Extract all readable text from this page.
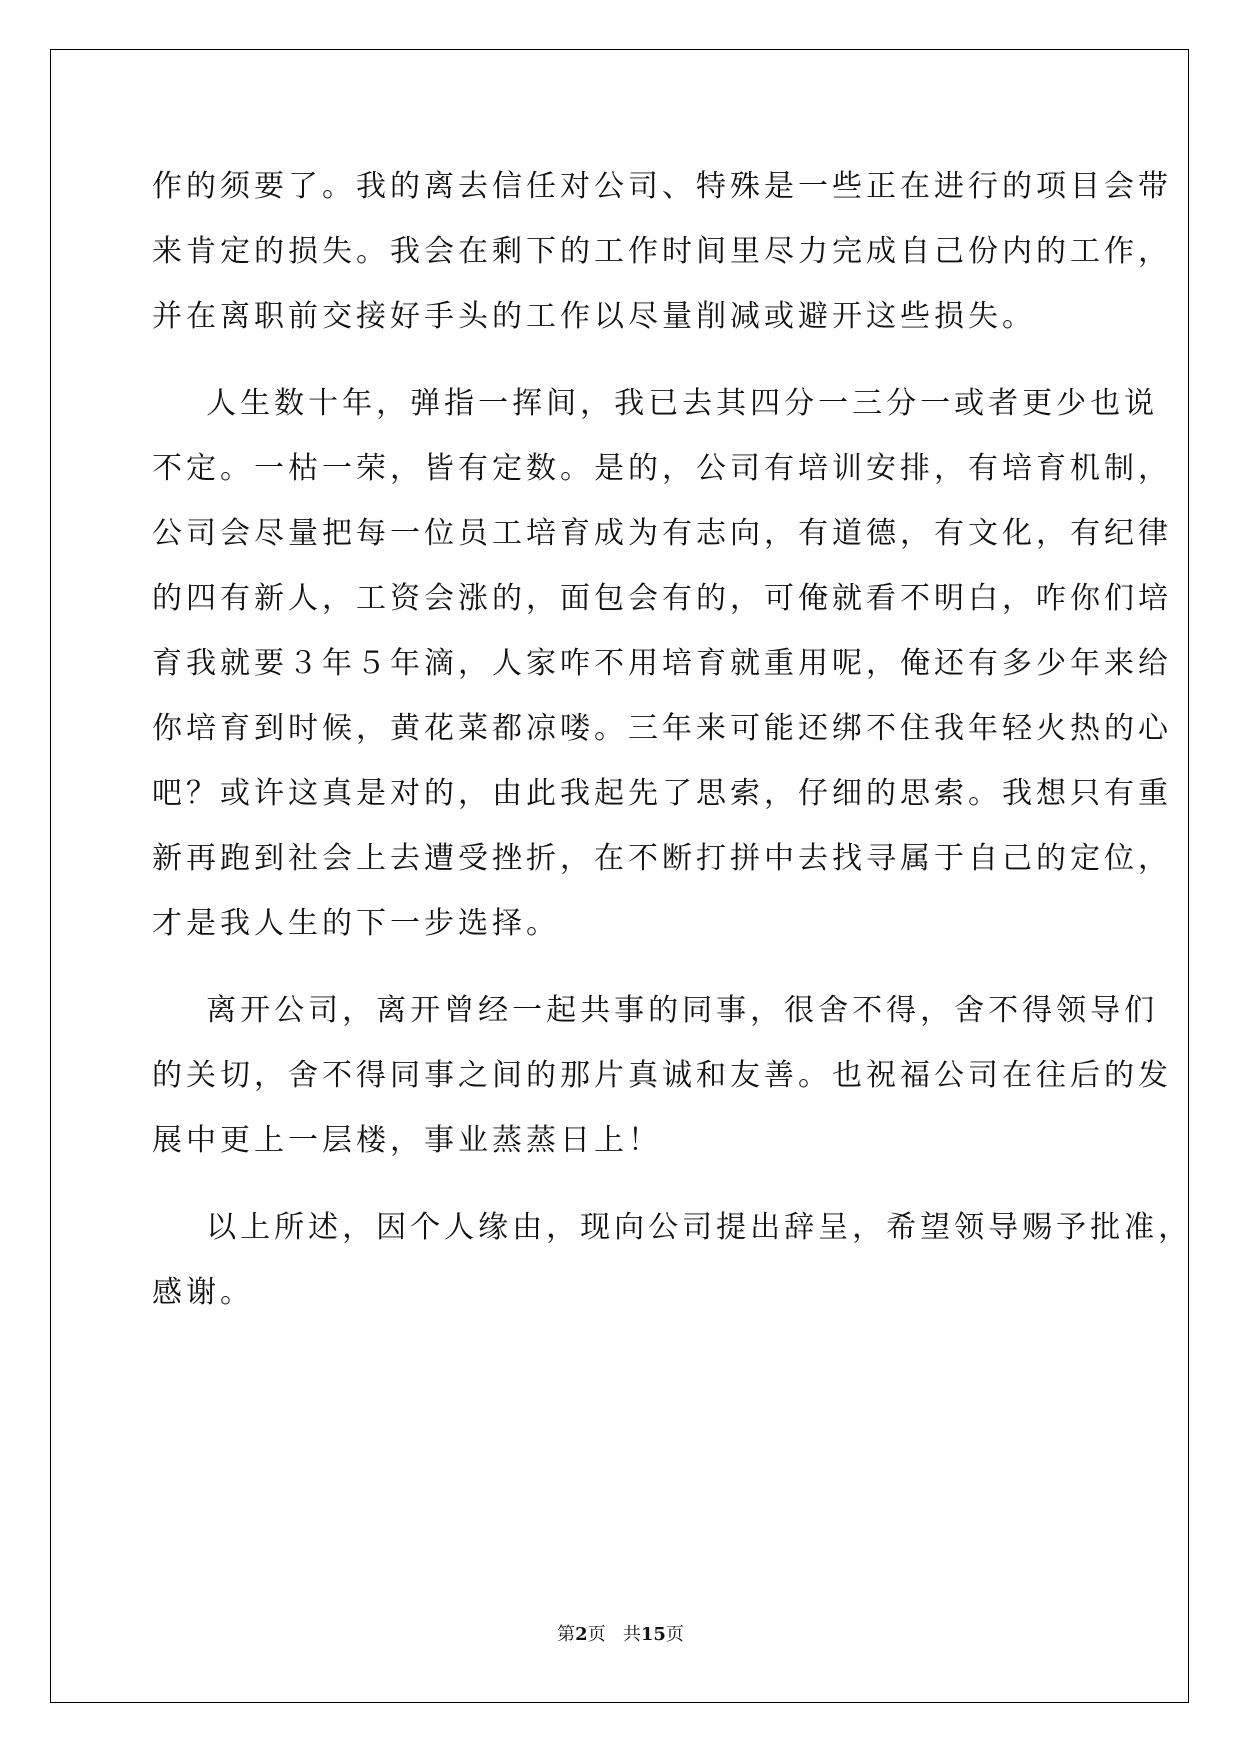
作的须要了。我的离去信任对公司、特殊是一些正在进行的项目会带
来肯定的损失。我会在剩下的工作时间里尽力完成自己份内的工作，
并在离职前交接好手头的工作以尽量削减或避开这些损失。
人生数十年，弹指一挥间，我已去其四分一三分一或者更少也说
不定。一枯一荣，皆有定数。是的，公司有培训安排，有培育机制，
公司会尽量把每一位员工培育成为有志向，有道德，有文化，有纪律
的四有新人，工资会涨的，面包会有的，可俺就看不明白，咋你们培
育我就要３年５年滴，人家咋不用培育就重用呢，俺还有多少年来给
你培育到时候，黄花菜都凉喽。三年来可能还绑不住我年轻火热的心
吧？或许这真是对的，由此我起先了思索，仔细的思索。我想只有重
新再跑到社会上去遭受挫折，在不断打拼中去找寻属于自己的定位，
才是我人生的下一步选择。
离开公司，离开曾经一起共事的同事，很舍不得，舍不得领导们
的关切，舍不得同事之间的那片真诚和友善。也祝福公司在往后的发
展中更上一层楼，事业蒸蒸日上！
以上所述，因个人缘由，现向公司提出辞呈，希望领导赐予批准，
感谢。
第2页 共15页
